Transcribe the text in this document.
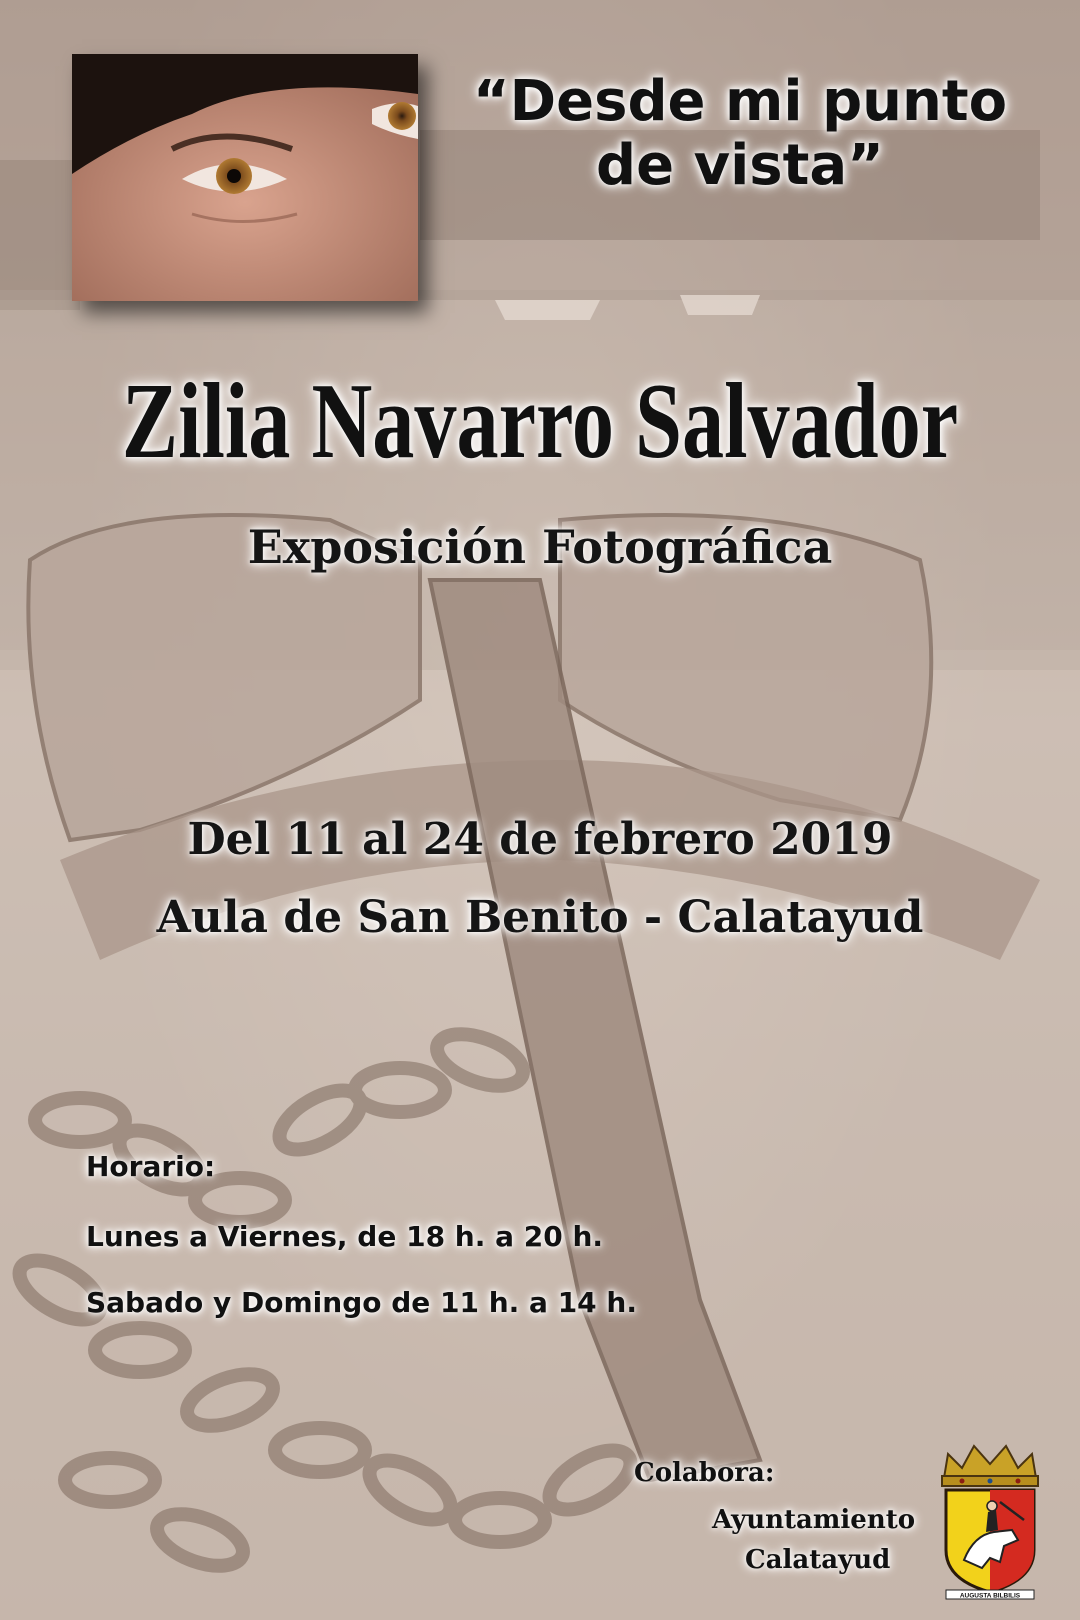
“Desde mi punto
de vista”
Zilia Navarro Salvador
Exposición Fotográfica
Del 11 al 24 de febrero 2019
Aula de San Benito - Calatayud
Horario:
Lunes a Viernes, de 18 h. a 20 h.
Sabado y Domingo de 11 h. a 14 h.
Colabora:
Ayuntamiento
Calatayud
AUGUSTA BILBILIS
